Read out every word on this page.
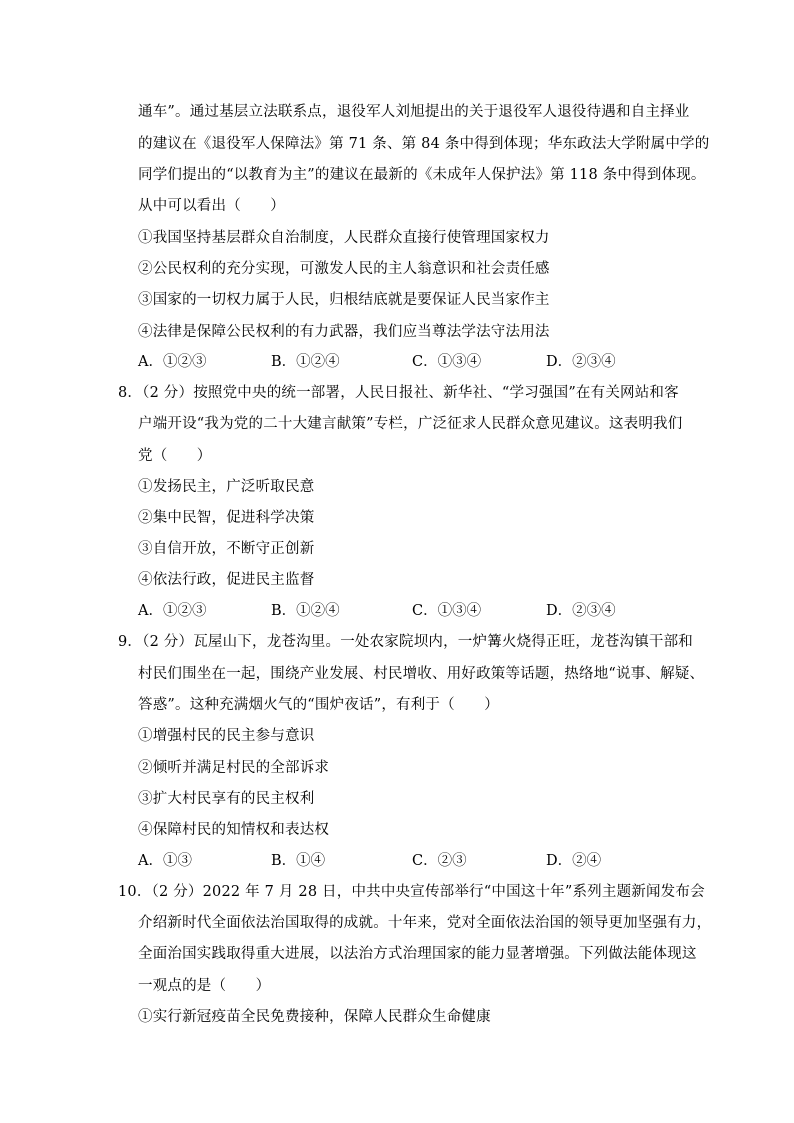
通车”。通过基层立法联系点，退役军人刘旭提出的关于退役军人退役待遇和自主择业
的建议在《退役军人保障法》第 71 条、第 84 条中得到体现；华东政法大学附属中学的
同学们提出的“以教育为主”的建议在最新的《未成年人保护法》第 118 条中得到体现。
从中可以看出（　　）
①我国坚持基层群众自治制度，人民群众直接行使管理国家权力
②公民权利的充分实现，可激发人民的主人翁意识和社会责任感
③国家的一切权力属于人民，归根结底就是要保证人民当家作主
④法律是保障公民权利的有力武器，我们应当尊法学法守法用法
A．①②③	B．①②④	C．①③④	D．②③④
8．（2 分）按照党中央的统一部署，人民日报社、新华社、“学习强国”在有关网站和客
户端开设“我为党的二十大建言献策”专栏，广泛征求人民群众意见建议。这表明我们
党（　　）
①发扬民主，广泛听取民意
②集中民智，促进科学决策
③自信开放，不断守正创新
④依法行政，促进民主监督
A．①②③	B．①②④	C．①③④	D．②③④
9．（2 分）瓦屋山下，龙苍沟里。一处农家院坝内，一炉篝火烧得正旺，龙苍沟镇干部和
村民们围坐在一起，围绕产业发展、村民增收、用好政策等话题，热络地“说事、解疑、
答惑”。这种充满烟火气的“围炉夜话”，有利于（　　）
①增强村民的民主参与意识
②倾听并满足村民的全部诉求
③扩大村民享有的民主权利
④保障村民的知情权和表达权
A．①③	B．①④	C．②③	D．②④
10．（2 分）2022 年 7 月 28 日，中共中央宣传部举行“中国这十年”系列主题新闻发布会
介绍新时代全面依法治国取得的成就。十年来，党对全面依法治国的领导更加坚强有力，
全面治国实践取得重大进展，以法治方式治理国家的能力显著增强。下列做法能体现这
一观点的是（　　）
①实行新冠疫苗全民免费接种，保障人民群众生命健康
